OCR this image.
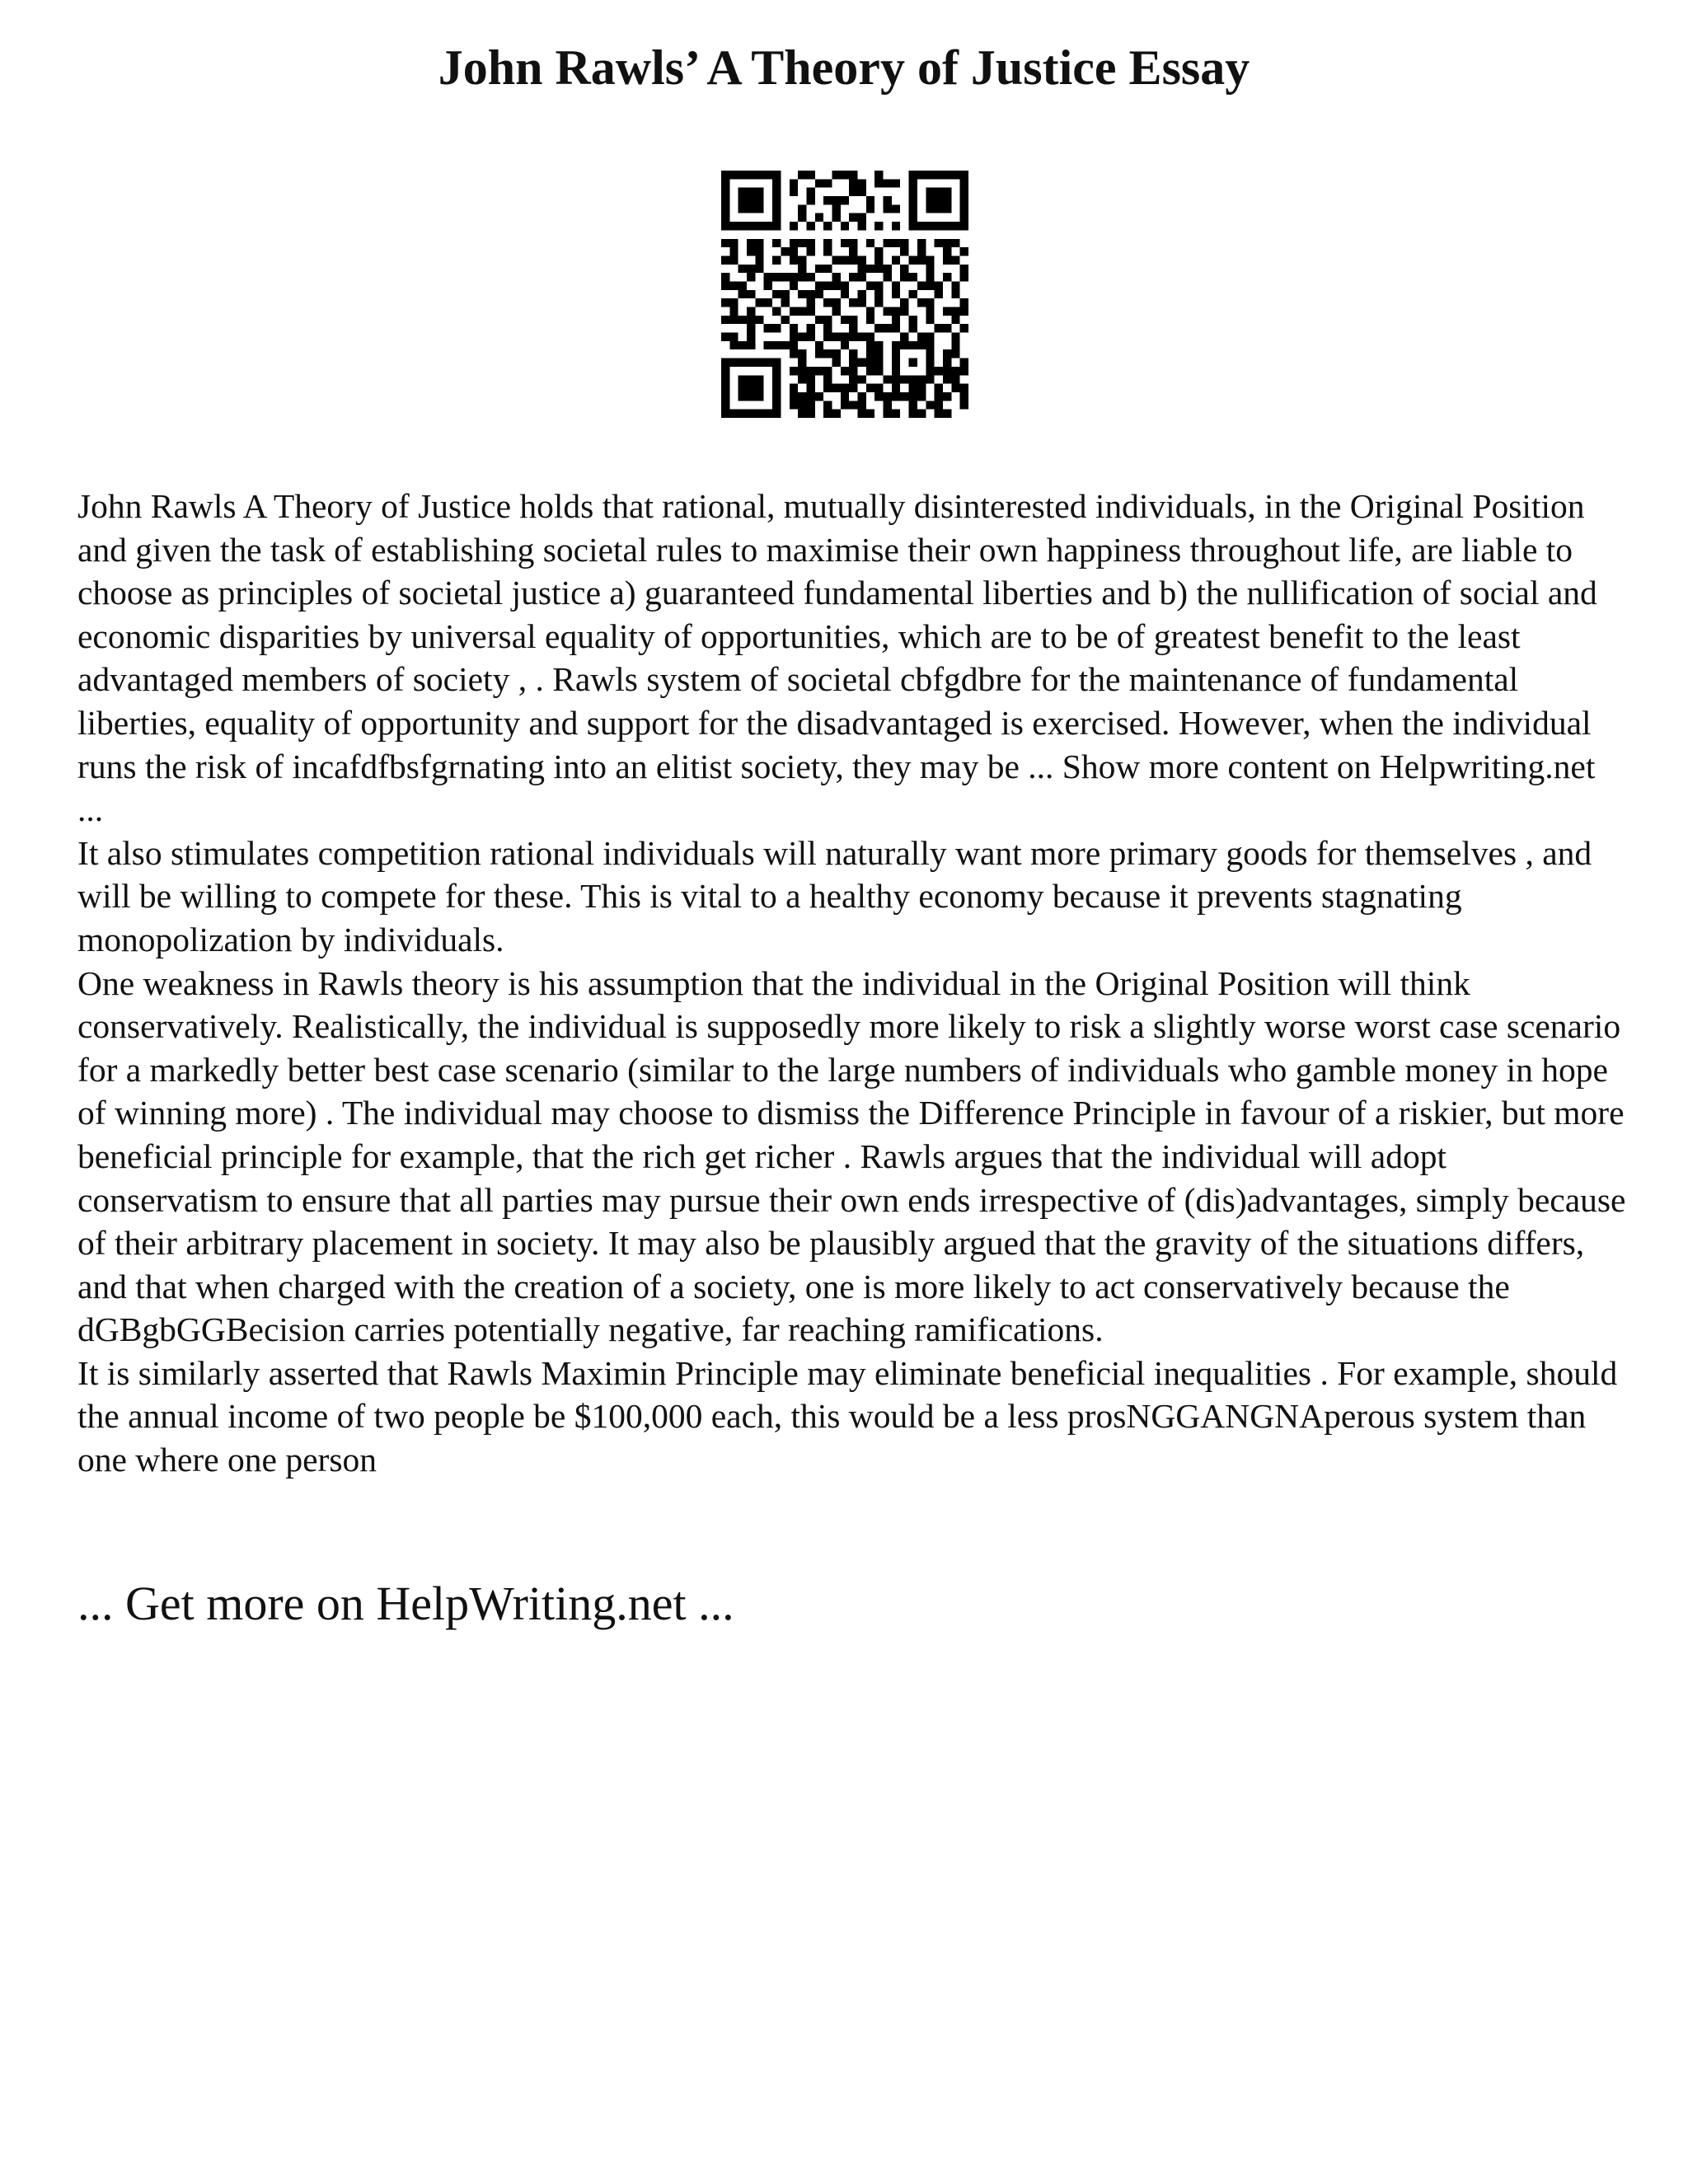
John Rawls’ A Theory of Justice Essay

John Rawls A Theory of Justice holds that rational, mutually disinterested individuals, in the Original Position and given the task of establishing societal rules to maximise their own happiness throughout life, are liable to choose as principles of societal justice a) guaranteed fundamental liberties and b) the nullification of social and economic disparities by universal equality of opportunities, which are to be of greatest benefit to the least advantaged members of society , . Rawls system of societal cbfgdbre for the maintenance of fundamental liberties, equality of opportunity and support for the disadvantaged is exercised. However, when the individual runs the risk of incafdfbsfgrnating into an elitist society, they may be ... Show more content on Helpwriting.net ...

It also stimulates competition rational individuals will naturally want more primary goods for themselves , and will be willing to compete for these. This is vital to a healthy economy because it prevents stagnating monopolization by individuals.

One weakness in Rawls theory is his assumption that the individual in the Original Position will think conservatively. Realistically, the individual is supposedly more likely to risk a slightly worse worst case scenario for a markedly better best case scenario (similar to the large numbers of individuals who gamble money in hope of winning more) . The individual may choose to dismiss the Difference Principle in favour of a riskier, but more beneficial principle for example, that the rich get richer . Rawls argues that the individual will adopt conservatism to ensure that all parties may pursue their own ends irrespective of (dis)advantages, simply because of their arbitrary placement in society. It may also be plausibly argued that the gravity of the situations differs, and that when charged with the creation of a society, one is more likely to act conservatively because the dGBgbGGBecision carries potentially negative, far reaching ramifications.

It is similarly asserted that Rawls Maximin Principle may eliminate beneficial inequalities . For example, should the annual income of two people be $100,000 each, this would be a less prosNGGANGNAperous system than one where one person

... Get more on HelpWriting.net ...
